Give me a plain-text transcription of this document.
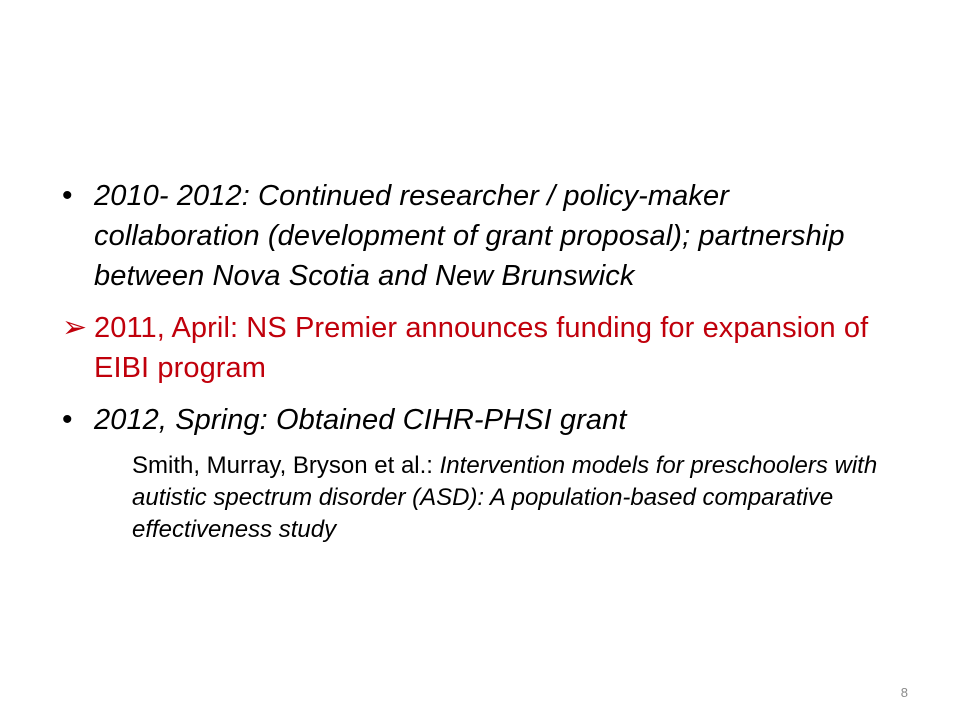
• 2010- 2012: Continued researcher / policy-maker collaboration (development of grant proposal); partnership between Nova Scotia and New Brunswick
➢ 2011, April: NS Premier announces funding for expansion of EIBI program
• 2012, Spring: Obtained CIHR-PHSI grant
Smith, Murray, Bryson et al.: Intervention models for preschoolers with autistic spectrum disorder (ASD): A population-based comparative effectiveness study
8
